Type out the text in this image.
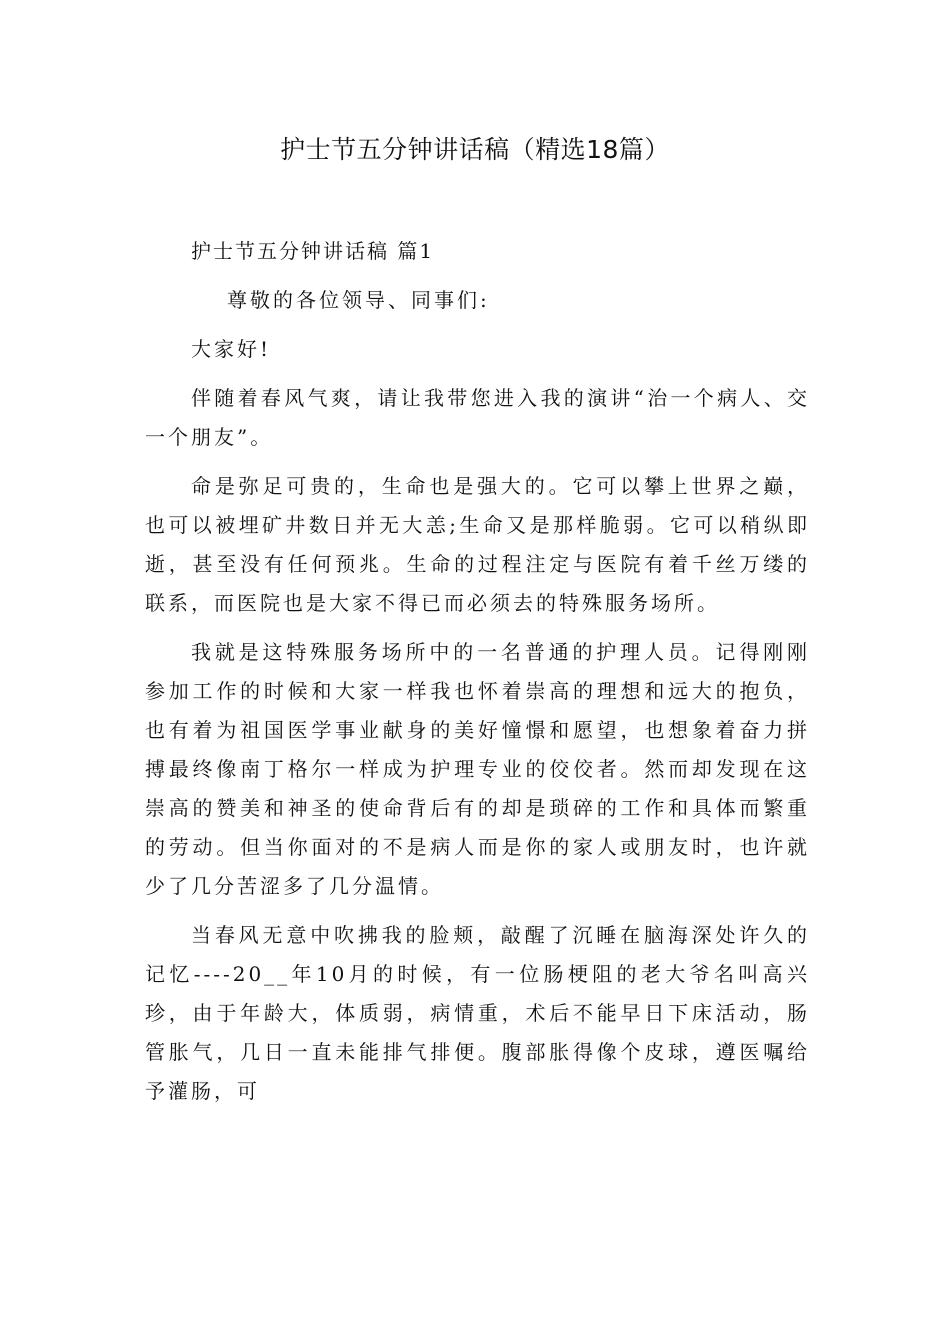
护士节五分钟讲话稿（精选18篇）

护士节五分钟讲话稿 篇1

尊敬的各位领导、同事们:

大家好!

伴随着春风气爽，请让我带您进入我的演讲“治一个病人、交一个朋友”。

命是弥足可贵的，生命也是强大的。它可以攀上世界之巅，也可以被埋矿井数日并无大恙;生命又是那样脆弱。它可以稍纵即逝，甚至没有任何预兆。生命的过程注定与医院有着千丝万缕的联系，而医院也是大家不得已而必须去的特殊服务场所。

我就是这特殊服务场所中的一名普通的护理人员。记得刚刚参加工作的时候和大家一样我也怀着崇高的理想和远大的抱负，也有着为祖国医学事业献身的美好憧憬和愿望，也想象着奋力拼搏最终像南丁格尔一样成为护理专业的佼佼者。然而却发现在这崇高的赞美和神圣的使命背后有的却是琐碎的工作和具体而繁重的劳动。但当你面对的不是病人而是你的家人或朋友时，也许就少了几分苦涩多了几分温情。

当春风无意中吹拂我的脸颊，敲醒了沉睡在脑海深处许久的记忆----20__年10月的时候，有一位肠梗阻的老大爷名叫高兴珍，由于年龄大，体质弱，病情重，术后不能早日下床活动，肠管胀气，几日一直未能排气排便。腹部胀得像个皮球，遵医嘱给予灌肠，可
